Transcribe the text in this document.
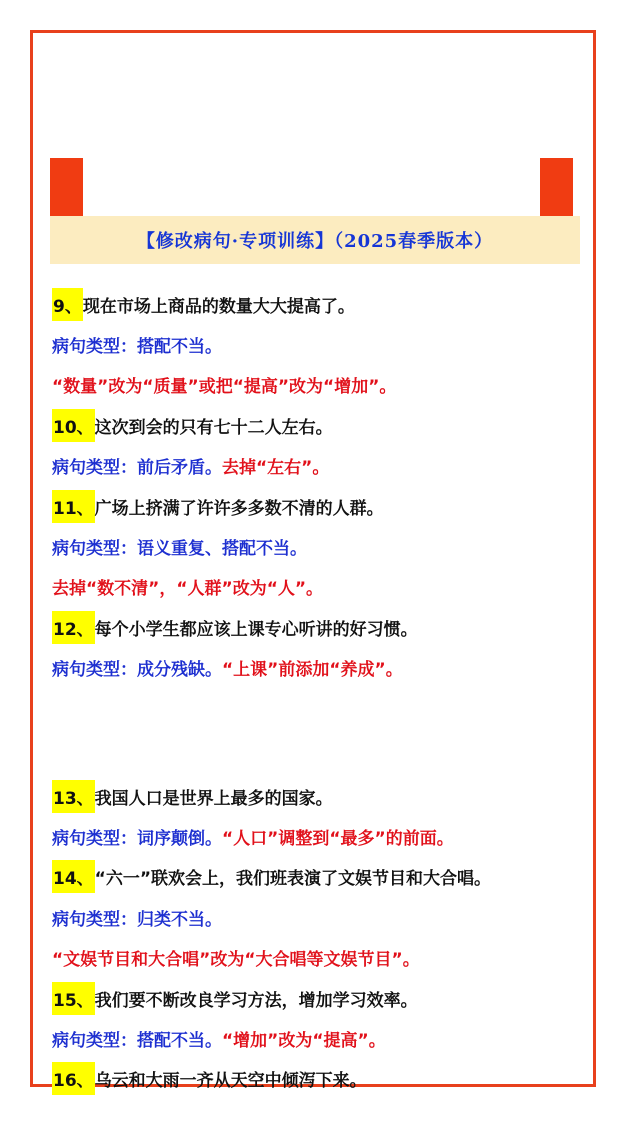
【修改病句·专项训练】（2025春季版本）
9、 现在市场上商品的数量大大提高了。
病句类型：搭配不当。
“数量”改为“质量”或把“提高”改为“增加”。
10、 这次到会的只有七十二人左右。
病句类型：前后矛盾。 去掉“左右”。
11、 广场上挤满了许许多多数不清的人群。
病句类型：语义重复、搭配不当。
去掉“数不清”，“人群”改为“人”。
12、 每个小学生都应该上课专心听讲的好习惯。
病句类型：成分残缺。 “上课”前添加“养成”。
13、 我国人口是世界上最多的国家。
病句类型：词序颠倒。 “人口”调整到“最多”的前面。
14、 “六一”联欢会上，我们班表演了文娱节目和大合唱。
病句类型：归类不当。
“文娱节目和大合唱”改为“大合唱等文娱节目”。
15、 我们要不断改良学习方法，增加学习效率。
病句类型：搭配不当。 “增加”改为“提高”。
16、 乌云和大雨一齐从天空中倾泻下来。
